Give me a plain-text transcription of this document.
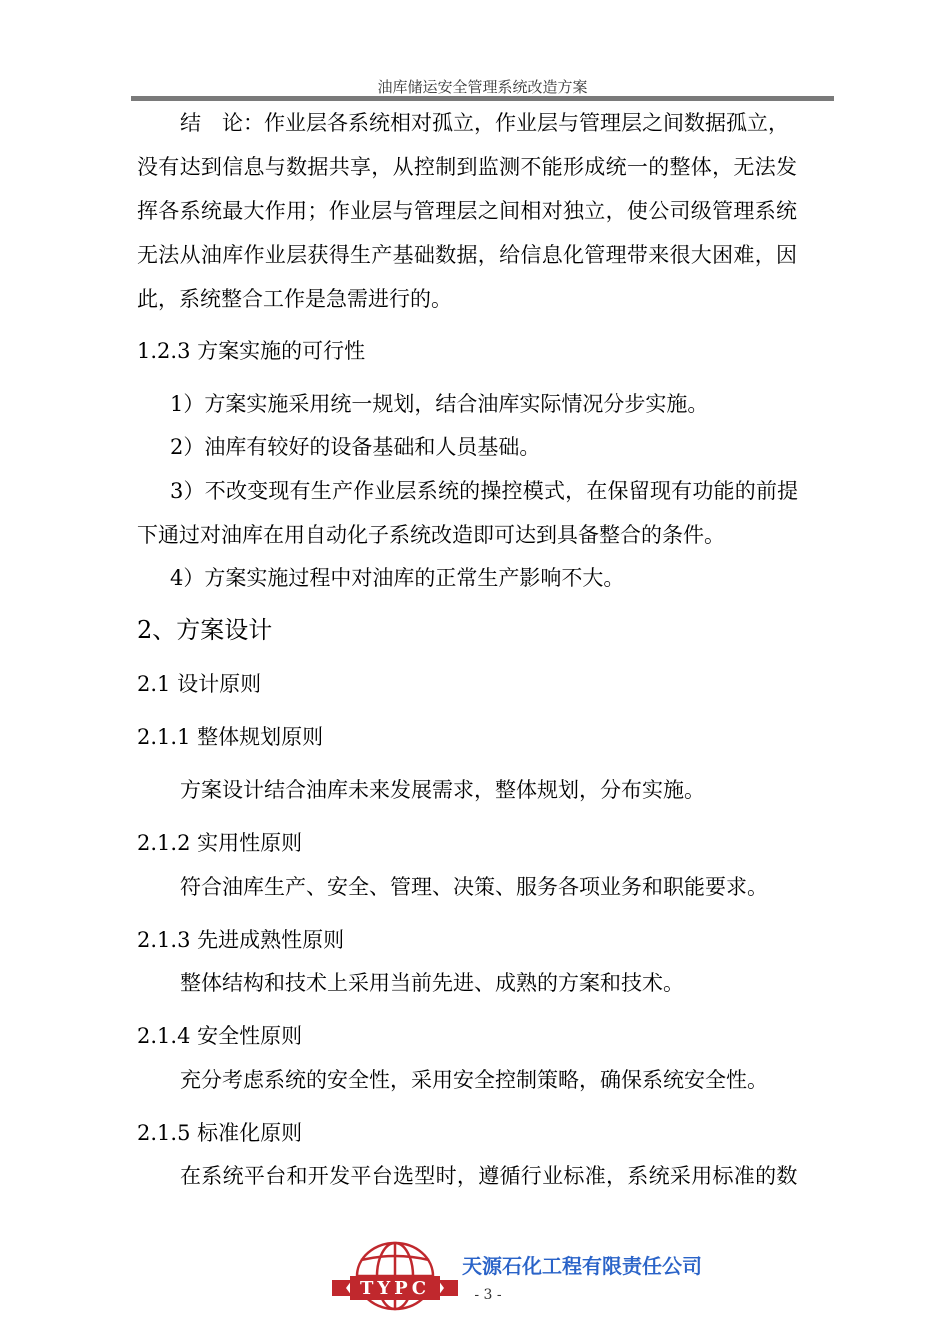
油库储运安全管理系统改造方案
结　论：作业层各系统相对孤立，作业层与管理层之间数据孤立，
没有达到信息与数据共享，从控制到监测不能形成统一的整体，无法发
挥各系统最大作用；作业层与管理层之间相对独立，使公司级管理系统
无法从油库作业层获得生产基础数据，给信息化管理带来很大困难，因
此，系统整合工作是急需进行的。
1.2.3 方案实施的可行性
1）方案实施采用统一规划，结合油库实际情况分步实施。
2）油库有较好的设备基础和人员基础。
3）不改变现有生产作业层系统的操控模式，在保留现有功能的前提
下通过对油库在用自动化子系统改造即可达到具备整合的条件。
4）方案实施过程中对油库的正常生产影响不大。
2、方案设计
2.1 设计原则
2.1.1 整体规划原则
方案设计结合油库未来发展需求，整体规划，分布实施。
2.1.2 实用性原则
符合油库生产、安全、管理、决策、服务各项业务和职能要求。
2.1.3 先进成熟性原则
整体结构和技术上采用当前先进、成熟的方案和技术。
2.1.4 安全性原则
充分考虑系统的安全性，采用安全控制策略，确保系统安全性。
2.1.5 标准化原则
在系统平台和开发平台选型时，遵循行业标准，系统采用标准的数
TYPC
天源石化工程有限责任公司
- 3 -
